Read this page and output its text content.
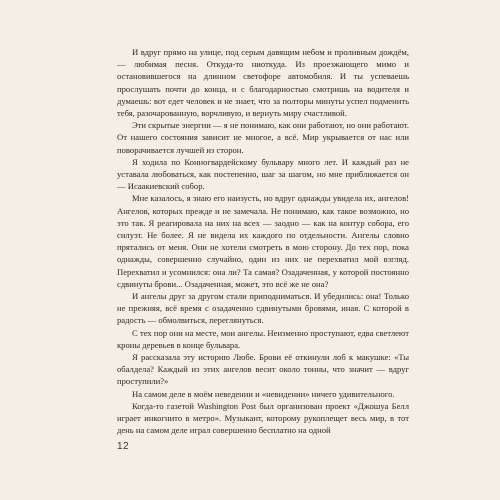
И вдруг прямо на улице, под серым давящим небом и проливным дождём, — любимая песня. Откуда-то ниоткуда. Из проезжающего мимо и остановившегося на длинном светофоре автомобиля. И ты успеваешь прослушать почти до конца, и с благодарностью смотришь на водителя и думаешь: вот едет человек и не знает, что за полторы минуты успел подменить тебя, разочарованную, ворчливую, и вернуть миру счастливой.

Эти скрытые энергии — я не понимаю, как они работают, но они работают. От нашего состояния зависит не многое, а всё. Мир укрывается от нас или поворачивается лучшей из сторон.

Я ходила по Конногвардейскому бульвару много лет. И каждый раз не уставала любоваться, как постепенно, шаг за шагом, но мне приближается он — Исаакиевский собор.

Мне казалось, я знаю его наизусть, но вдруг однажды увидела их, ангелов! Ангелов, которых прежде и не замечала. Не понимаю, как такое возможно, но это так. Я реагировала на них на всех — заодно — как на контур собора, его силуэт. Не более. Я не видела их каждого по отдельности. Ангелы словно прятались от меня. Они не хотели смотреть в мою сторону. До тех пор, пока однажды, совершенно случайно, один из них не перехватил мой взгляд. Перехватил и усомнился: она ли? Та самая? Озадаченная, у которой постоянно сдвинуты брови... Озадаченная, может, это всё же не она?

И ангелы друг за другом стали приподниматься. И убедились: она! Только не прежняя, всё время с озадаченно сдвинутыми бровями, иная. С которой в радость — обмолвиться, переглянуться.

С тех пор они на месте, мои ангелы. Неизменно проступают, едва светлеют кроны деревьев в конце бульвара.

Я рассказала эту историю Любе. Брови её откинули лоб к макушке: «Ты обалдела? Каждый из этих ангелов весит около тонны, что значит — вдруг проступили?»

На самом деле в моём неведении и «невидении» ничего удивительного.

Когда-то газетой Washington Post был организован проект «Джошуа Белл играет инкогнито в метро». Музыкант, которому рукоплещет весь мир, в тот день на самом деле играл совершенно бесплатно на одной

12
